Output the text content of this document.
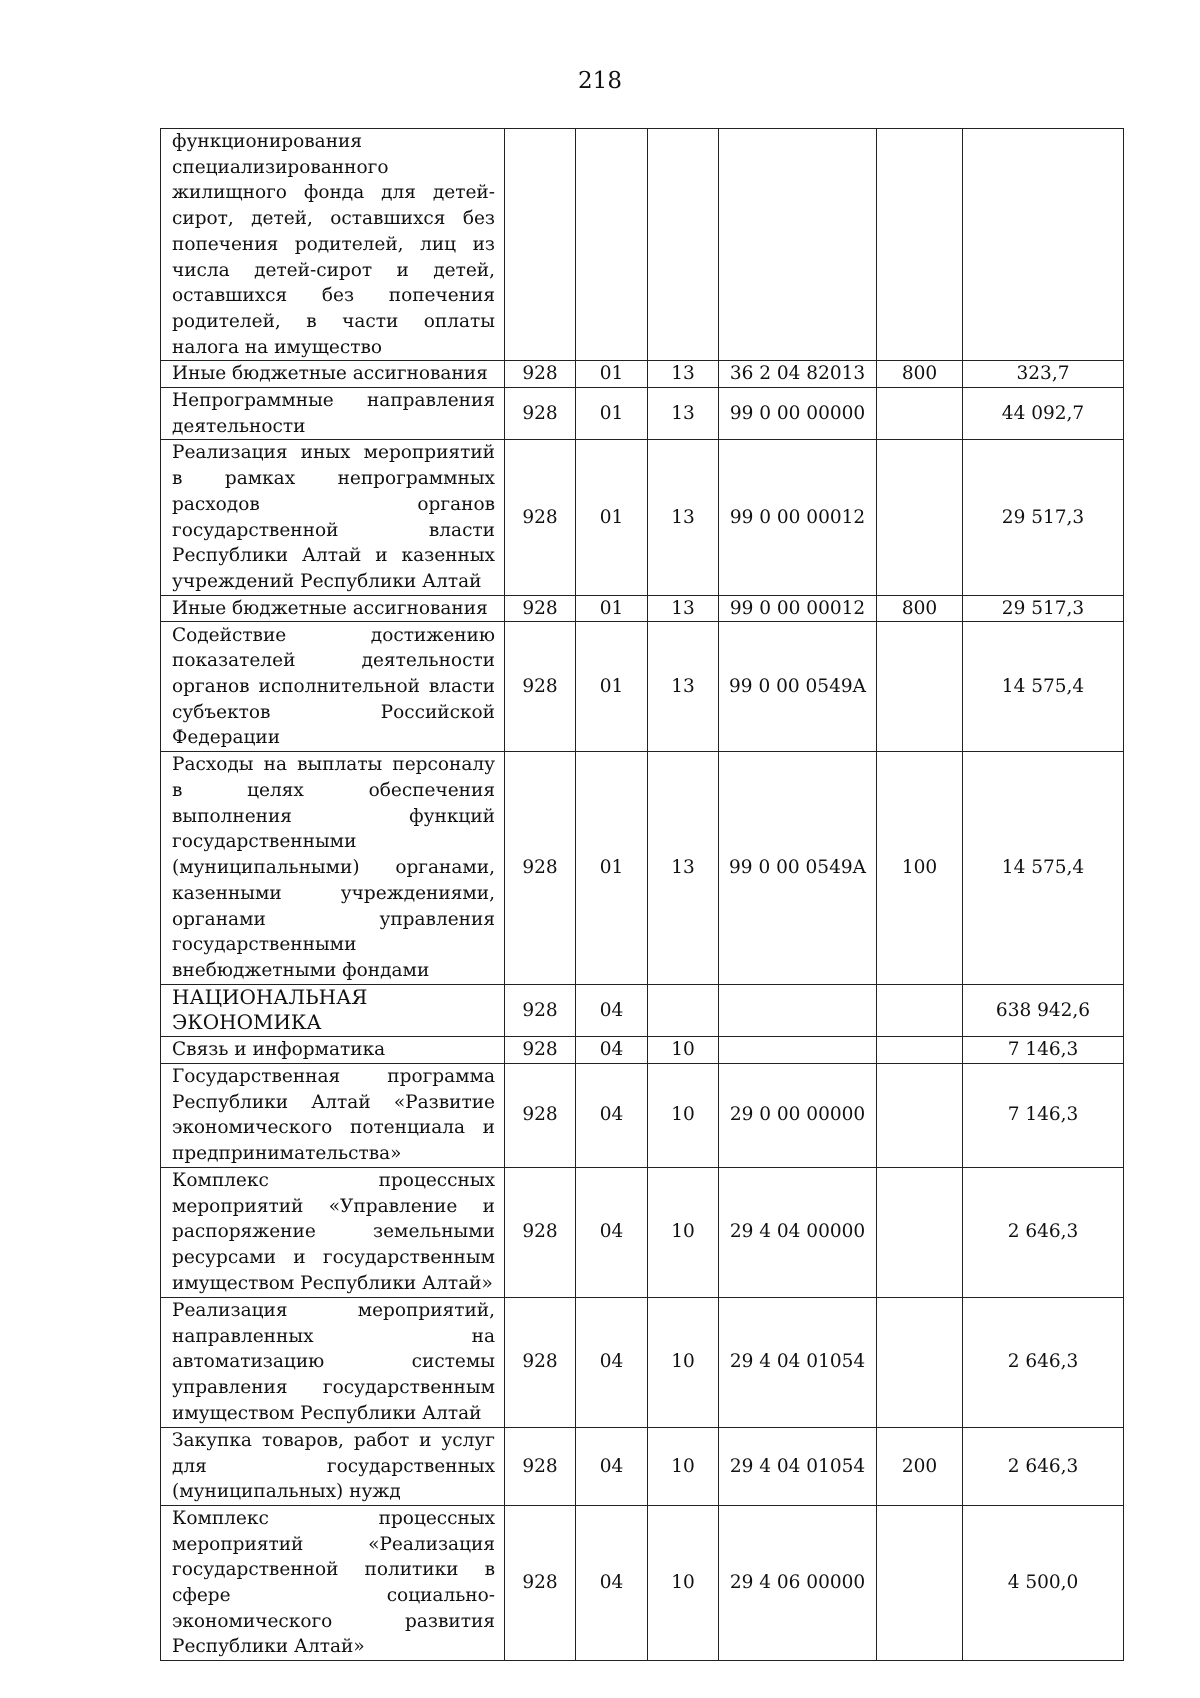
218
функционирования специализированного жилищного фонда для детей-сирот, детей, оставшихся без попечения родителей, лиц из числа детей-сирот и детей, оставшихся без попечения родителей, в части оплаты налога на имущество						
Иные бюджетные ассигнования	928	01	13	36 2 04 82013	800	323,7
Непрограммные направления деятельности	928	01	13	99 0 00 00000		44 092,7
Реализация иных мероприятий в рамках непрограммных расходов органов государственной власти Республики Алтай и казенных учреждений Республики Алтай	928	01	13	99 0 00 00012		29 517,3
Иные бюджетные ассигнования	928	01	13	99 0 00 00012	800	29 517,3
Содействие достижению показателей деятельности органов исполнительной власти субъектов Российской Федерации	928	01	13	99 0 00 0549A		14 575,4
Расходы на выплаты персоналу в целях обеспечения выполнения функций государственными (муниципальными) органами, казенными учреждениями, органами управления государственными внебюджетными фондами	928	01	13	99 0 00 0549A	100	14 575,4
НАЦИОНАЛЬНАЯ ЭКОНОМИКА	928	04				638 942,6
Связь и информатика	928	04	10			7 146,3
Государственная программа Республики Алтай «Развитие экономического потенциала и предпринимательства»	928	04	10	29 0 00 00000		7 146,3
Комплекс процессных мероприятий «Управление и распоряжение земельными ресурсами и государственным имуществом Республики Алтай»	928	04	10	29 4 04 00000		2 646,3
Реализация мероприятий, направленных на автоматизацию системы управления государственным имуществом Республики Алтай	928	04	10	29 4 04 01054		2 646,3
Закупка товаров, работ и услуг для государственных (муниципальных) нужд	928	04	10	29 4 04 01054	200	2 646,3
Комплекс процессных мероприятий «Реализация государственной политики в сфере социально-экономического развития Республики Алтай»	928	04	10	29 4 06 00000		4 500,0
